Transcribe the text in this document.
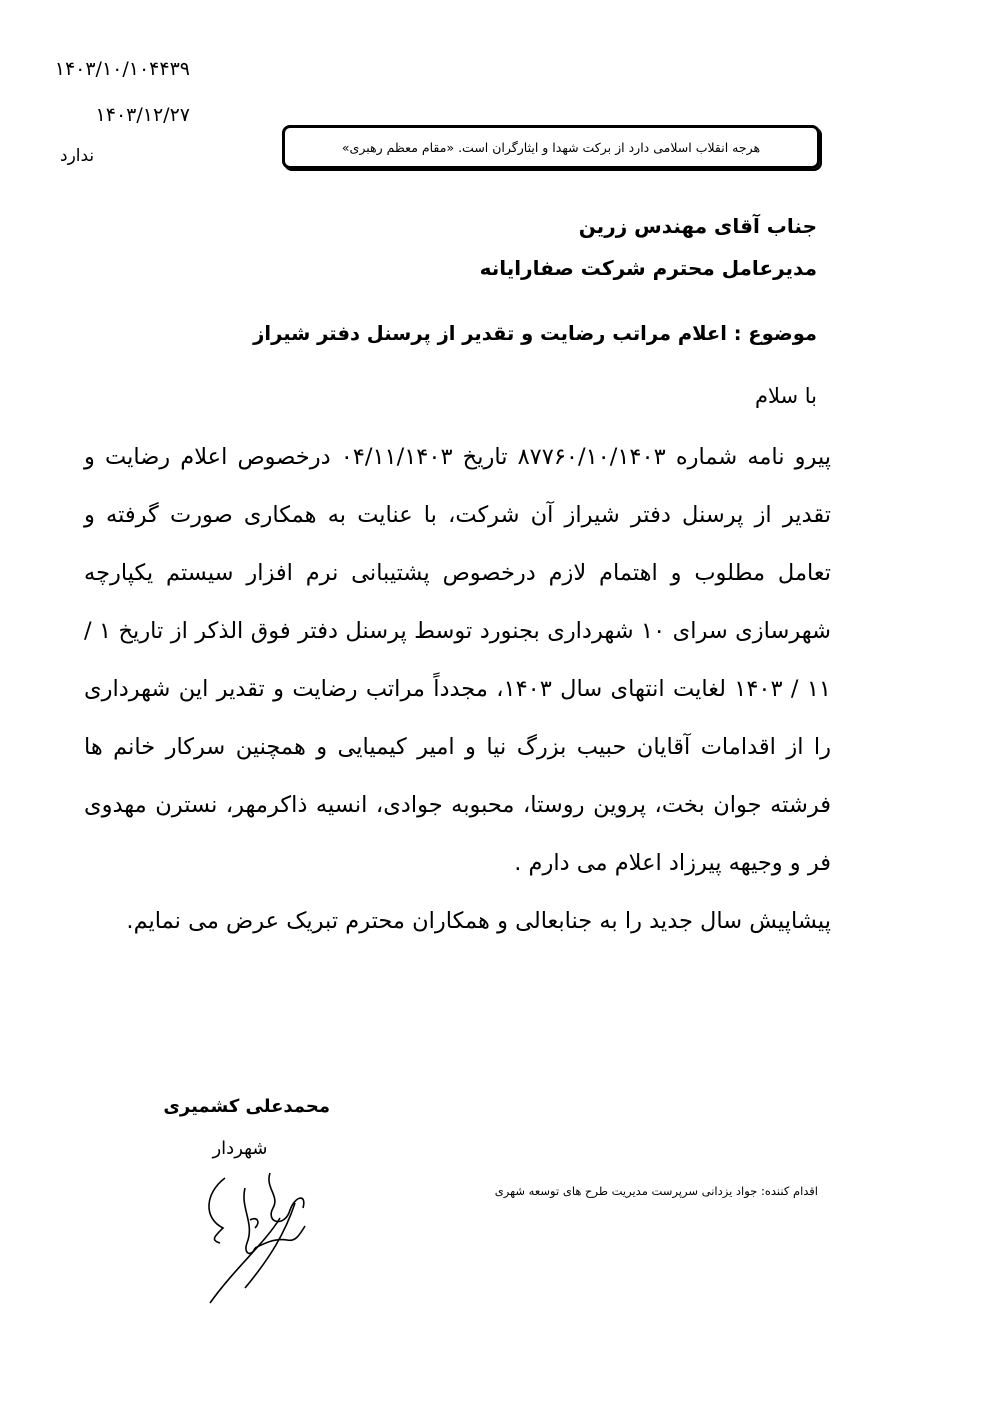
۱۴۰۳/۱۰/۱۰۴۴۳۹
۱۴۰۳/۱۲/۲۷
ندارد	هرجه انقلاب اسلامی دارد از برکت شهدا و ایثارگران است. «مقام معظم رهبری»
جناب آقای مهندس زرین
مدیرعامل محترم شرکت صفارایانه
موضوع : اعلام مراتب رضایت و تقدیر از پرسنل دفتر شیراز
با سلام

پیرو نامه شماره ۸۷۷۶۰/۱۰/۱۴۰۳ تاریخ ۰۴/۱۱/۱۴۰۳ درخصوص اعلام رضایت و تقدیر از پرسنل دفتر شیراز آن شرکت، با عنایت به همکاری صورت گرفته و تعامل مطلوب و اهتمام لازم درخصوص پشتیبانی نرم افزار سیستم یکپارچه شهرسازی سرای ۱۰ شهرداری بجنورد توسط پرسنل دفتر فوق الذکر از تاریخ ۱ / ۱۱ / ۱۴۰۳ لغایت انتهای سال ۱۴۰۳، مجدداً مراتب رضایت و تقدیر این شهرداری را از اقدامات آقایان حبیب بزرگ نیا و امیر کیمیایی و همچنین سرکار خانم ها فرشته جوان بخت، پروین روستا، محبوبه جوادی، انسیه ذاکرمهر، نسترن مهدوی فر و وجیهه پیرزاد اعلام می دارم .

پیشاپیش سال جدید را به جنابعالی و همکاران محترم تبریک عرض می نمایم.

محمدعلی کشمیری
شهردار
اقدام کننده: جواد یزدانی سرپرست مدیریت طرح های توسعه شهری
